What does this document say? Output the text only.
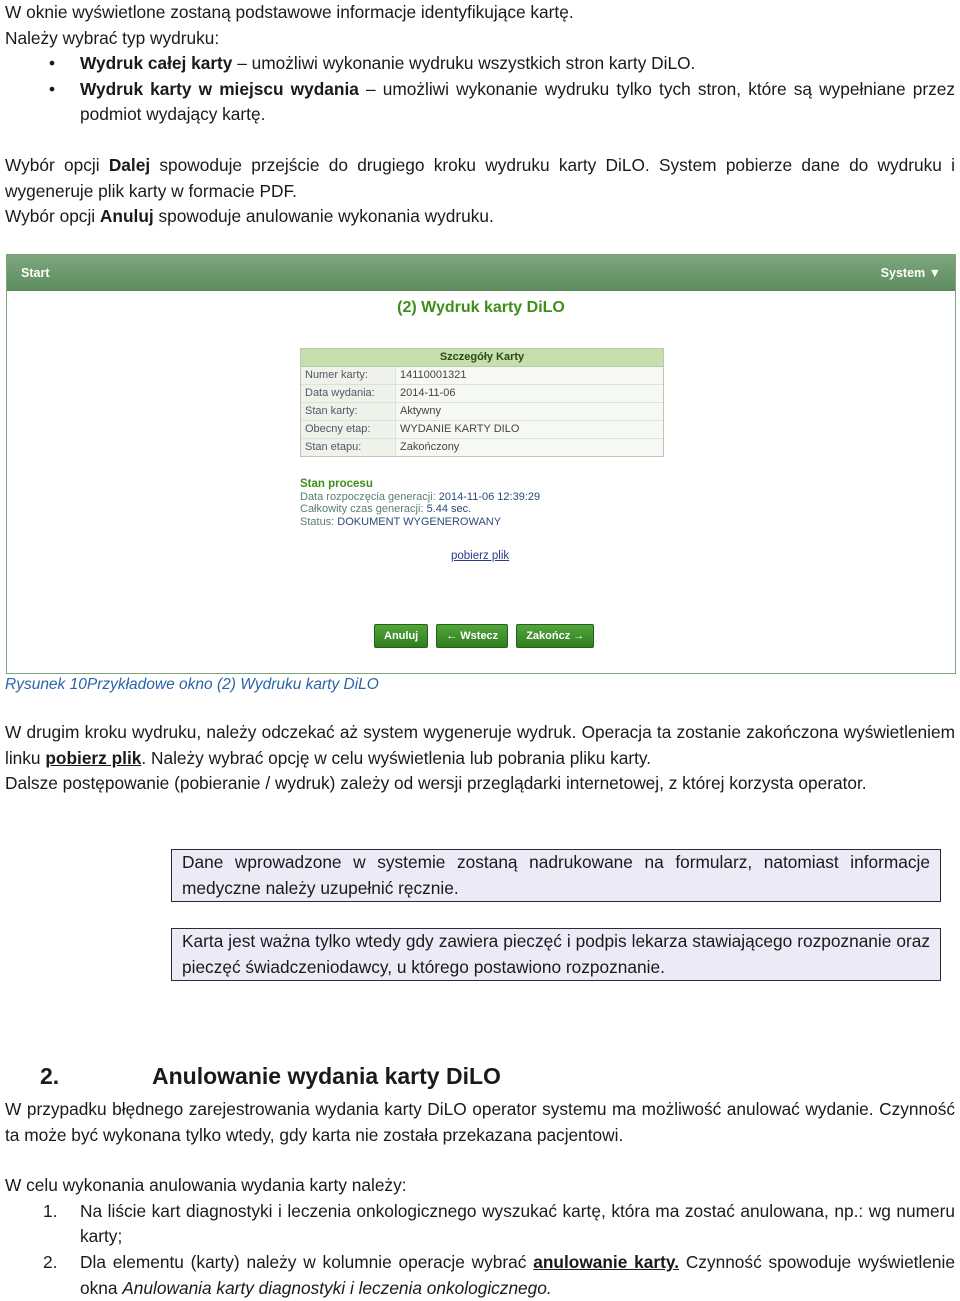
W oknie wyświetlone zostaną podstawowe informacje identyfikujące kartę.

Należy wybrać typ wydruku:

• Wydruk całej karty – umożliwi wykonanie wydruku wszystkich stron karty DiLO.
• Wydruk karty w miejscu wydania – umożliwi wykonanie wydruku tylko tych stron, które są wypełniane przez podmiot wydający kartę.

Wybór opcji Dalej spowoduje przejście do drugiego kroku wydruku karty DiLO. System pobierze dane do wydruku i wygeneruje plik karty w formacie PDF.

Wybór opcji Anuluj spowoduje anulowanie wykonania wydruku.

Start	System ▼
(2) Wydruk karty DiLO
Szczegóły Karty
Numer karty:	14110001321
Data wydania:	2014-11-06
Stan karty:	Aktywny
Obecny etap:	WYDANIE KARTY DILO
Stan etapu:	Zakończony
Stan procesu
Data rozpoczęcia generacji: 2014-11-06 12:39:29
Całkowity czas generacji: 5.44 sec.
Status: DOKUMENT WYGENEROWANY
pobierz plik
Anuluj	← Wstecz	Zakończ →
Rysunek 10Przykładowe okno (2) Wydruku karty DiLO

W drugim kroku wydruku, należy odczekać aż system wygeneruje wydruk. Operacja ta zostanie zakończona wyświetleniem linku pobierz plik. Należy wybrać opcję w celu wyświetlenia lub pobrania pliku karty.

Dalsze postępowanie (pobieranie / wydruk) zależy od wersji przeglądarki internetowej, z której korzysta operator.

Dane wprowadzone w systemie zostaną nadrukowane na formularz, natomiast informacje medyczne należy uzupełnić ręcznie.
Karta jest ważna tylko wtedy gdy zawiera pieczęć i podpis lekarza stawiającego rozpoznanie oraz pieczęć świadczeniodawcy, u którego postawiono rozpoznanie.
2.	Anulowanie wydania karty DiLO

W przypadku błędnego zarejestrowania wydania karty DiLO operator systemu ma możliwość anulować wydanie. Czynność ta może być wykonana tylko wtedy, gdy karta nie została przekazana pacjentowi.

W celu wykonania anulowania wydania karty należy:

1. Na liście kart diagnostyki i leczenia onkologicznego wyszukać kartę, która ma zostać anulowana, np.: wg numeru karty;
2. Dla elementu (karty) należy w kolumnie operacje wybrać anulowanie karty. Czynność spowoduje wyświetlenie okna Anulowania karty diagnostyki i leczenia onkologicznego.
